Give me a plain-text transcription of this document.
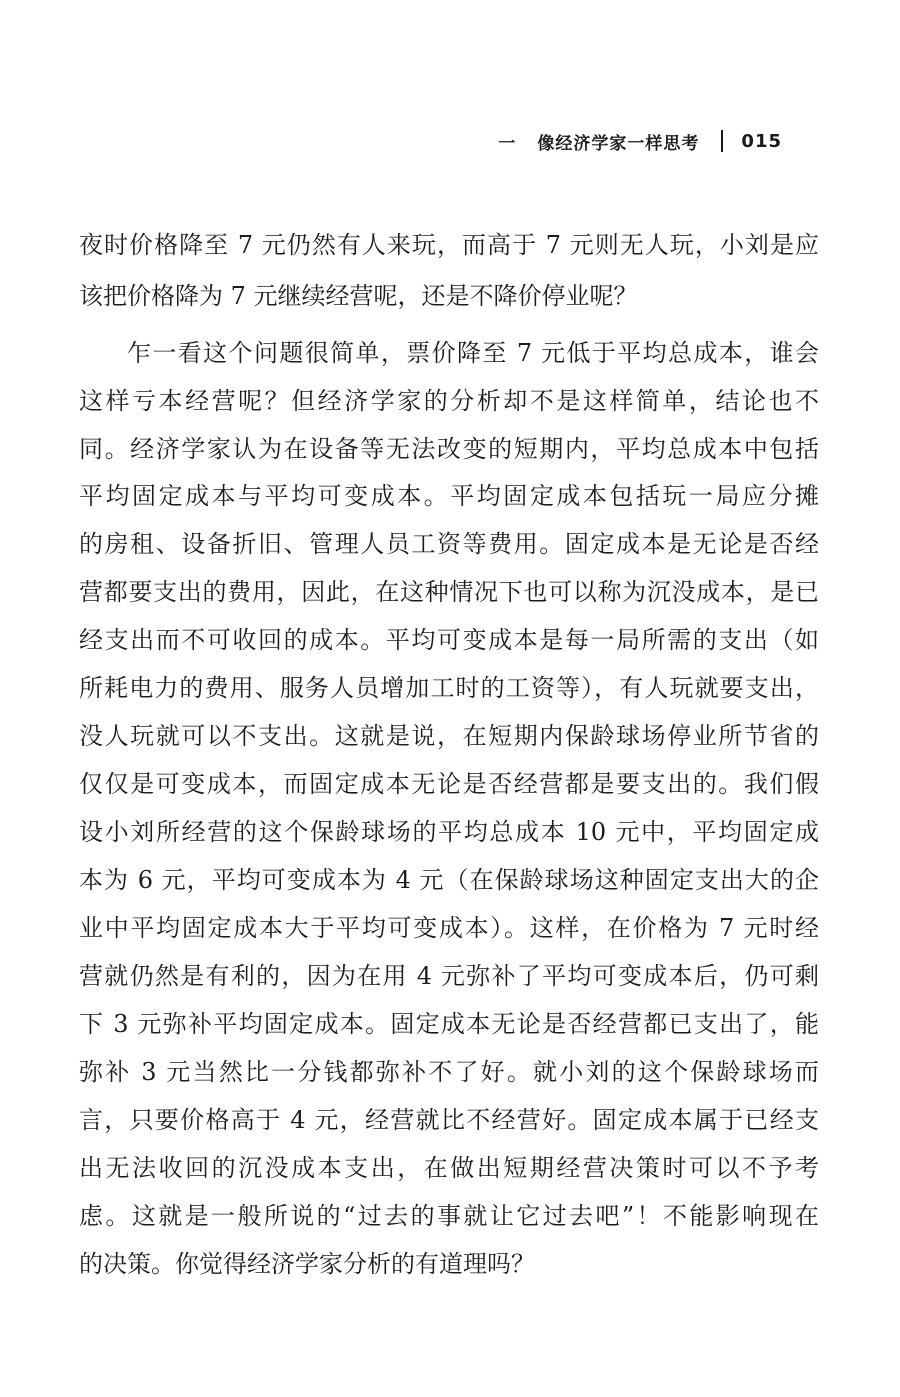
一 像经济学家一样思考 015
夜时价格降至 7 元仍然有人来玩，而高于 7 元则无人玩，小刘是应
该把价格降为 7 元继续经营呢，还是不降价停业呢？
乍一看这个问题很简单，票价降至 7 元低于平均总成本，谁会
这样亏本经营呢？但经济学家的分析却不是这样简单，结论也不
同。经济学家认为在设备等无法改变的短期内，平均总成本中包括
平均固定成本与平均可变成本。平均固定成本包括玩一局应分摊
的房租、设备折旧、管理人员工资等费用。固定成本是无论是否经
营都要支出的费用，因此，在这种情况下也可以称为沉没成本，是已
经支出而不可收回的成本。平均可变成本是每一局所需的支出（如
所耗电力的费用、服务人员增加工时的工资等），有人玩就要支出，
没人玩就可以不支出。这就是说，在短期内保龄球场停业所节省的
仅仅是可变成本，而固定成本无论是否经营都是要支出的。我们假
设小刘所经营的这个保龄球场的平均总成本 10 元中，平均固定成
本为 6 元，平均可变成本为 4 元（在保龄球场这种固定支出大的企
业中平均固定成本大于平均可变成本）。这样，在价格为 7 元时经
营就仍然是有利的，因为在用 4 元弥补了平均可变成本后，仍可剩
下 3 元弥补平均固定成本。固定成本无论是否经营都已支出了，能
弥补 3 元当然比一分钱都弥补不了好。就小刘的这个保龄球场而
言，只要价格高于 4 元，经营就比不经营好。固定成本属于已经支
出无法收回的沉没成本支出，在做出短期经营决策时可以不予考
虑。这就是一般所说的“过去的事就让它过去吧”！不能影响现在
的决策。你觉得经济学家分析的有道理吗？
